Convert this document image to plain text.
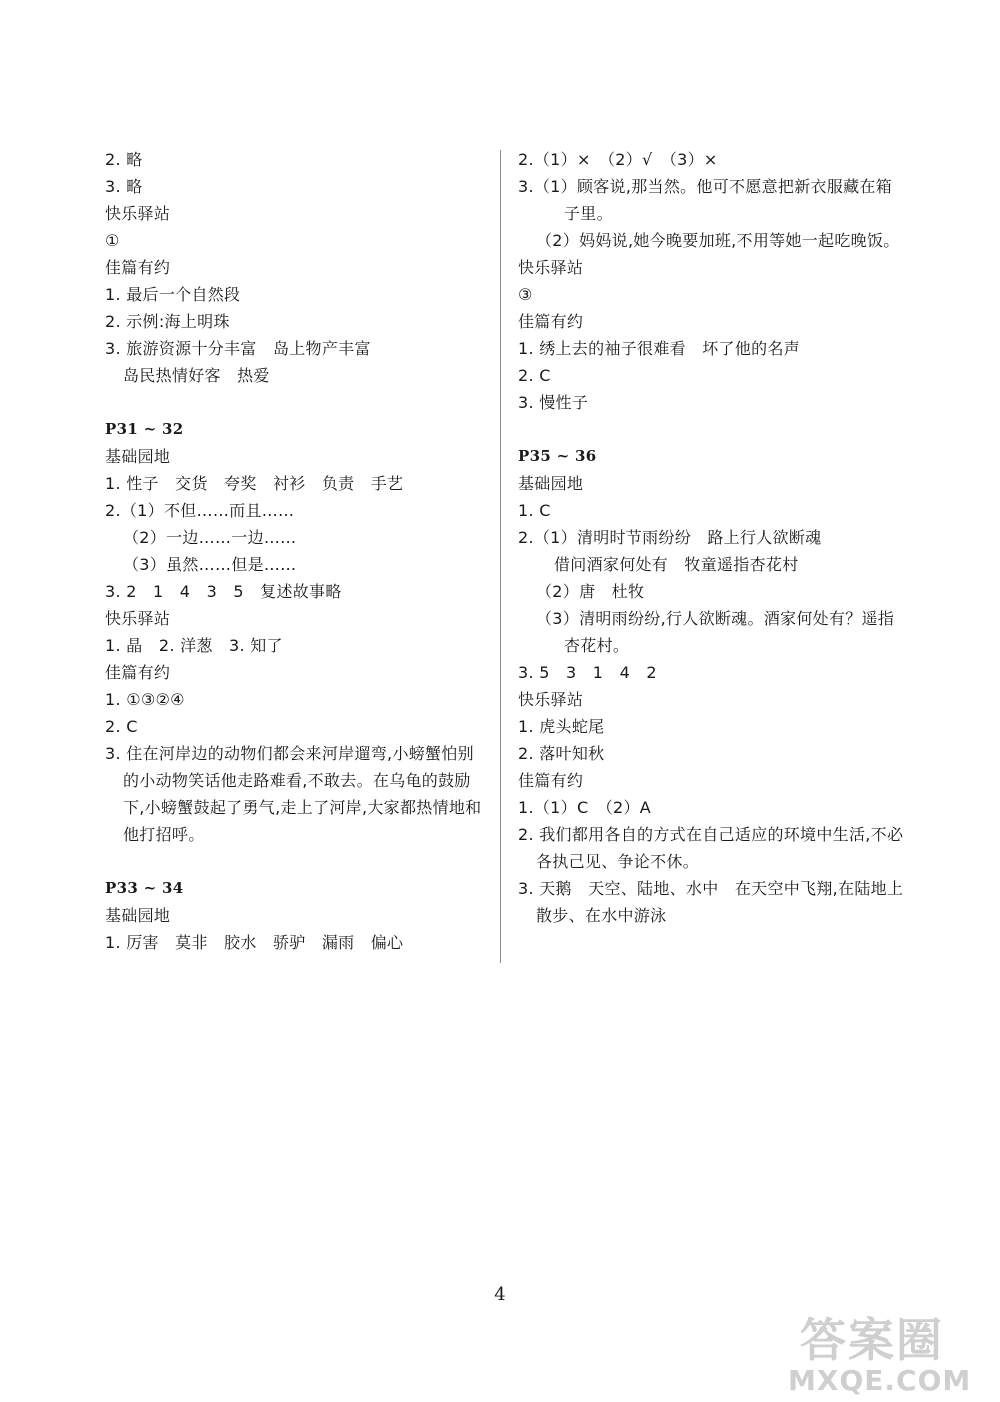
2. 略
3. 略
快乐驿站
①
佳篇有约
1. 最后一个自然段
2. 示例:海上明珠
3. 旅游资源十分丰富　岛上物产丰富
岛民热情好客　热爱
P31 ~ 32
基础园地
1. 性子　交货　夸奖　衬衫　负责　手艺
2.（1）不但……而且……
（2）一边……一边……
（3）虽然……但是……
3. 2　1　4　3　5　复述故事略
快乐驿站
1. 晶　2. 洋葱　3. 知了
佳篇有约
1. ①③②④
2. C
3. 住在河岸边的动物们都会来河岸遛弯,小螃蟹怕别的小动物笑话他走路难看,不敢去。在乌龟的鼓励下,小螃蟹鼓起了勇气,走上了河岸,大家都热情地和他打招呼。
P33 ~ 34
基础园地
1. 厉害　莫非　胶水　骄驴　漏雨　偏心
2.（1）×　（2）√　（3）×
3.（1）顾客说,那当然。他可不愿意把新衣服藏在箱子里。
（2）妈妈说,她今晚要加班,不用等她一起吃晚饭。
快乐驿站
③
佳篇有约
1. 绣上去的袖子很难看　坏了他的名声
2. C
3. 慢性子
P35 ~ 36
基础园地
1. C
2.（1）清明时节雨纷纷　路上行人欲断魂
借问酒家何处有　牧童遥指杏花村
（2）唐　杜牧
（3）清明雨纷纷,行人欲断魂。酒家何处有？遥指杏花村。
3. 5　3　1　4　2
快乐驿站
1. 虎头蛇尾
2. 落叶知秋
佳篇有约
1.（1）C　（2）A
2. 我们都用各自的方式在自己适应的环境中生活,不必各执己见、争论不休。
3. 天鹅　天空、陆地、水中　在天空中飞翔,在陆地上散步、在水中游泳
4
答案圈
MXQE.COM
